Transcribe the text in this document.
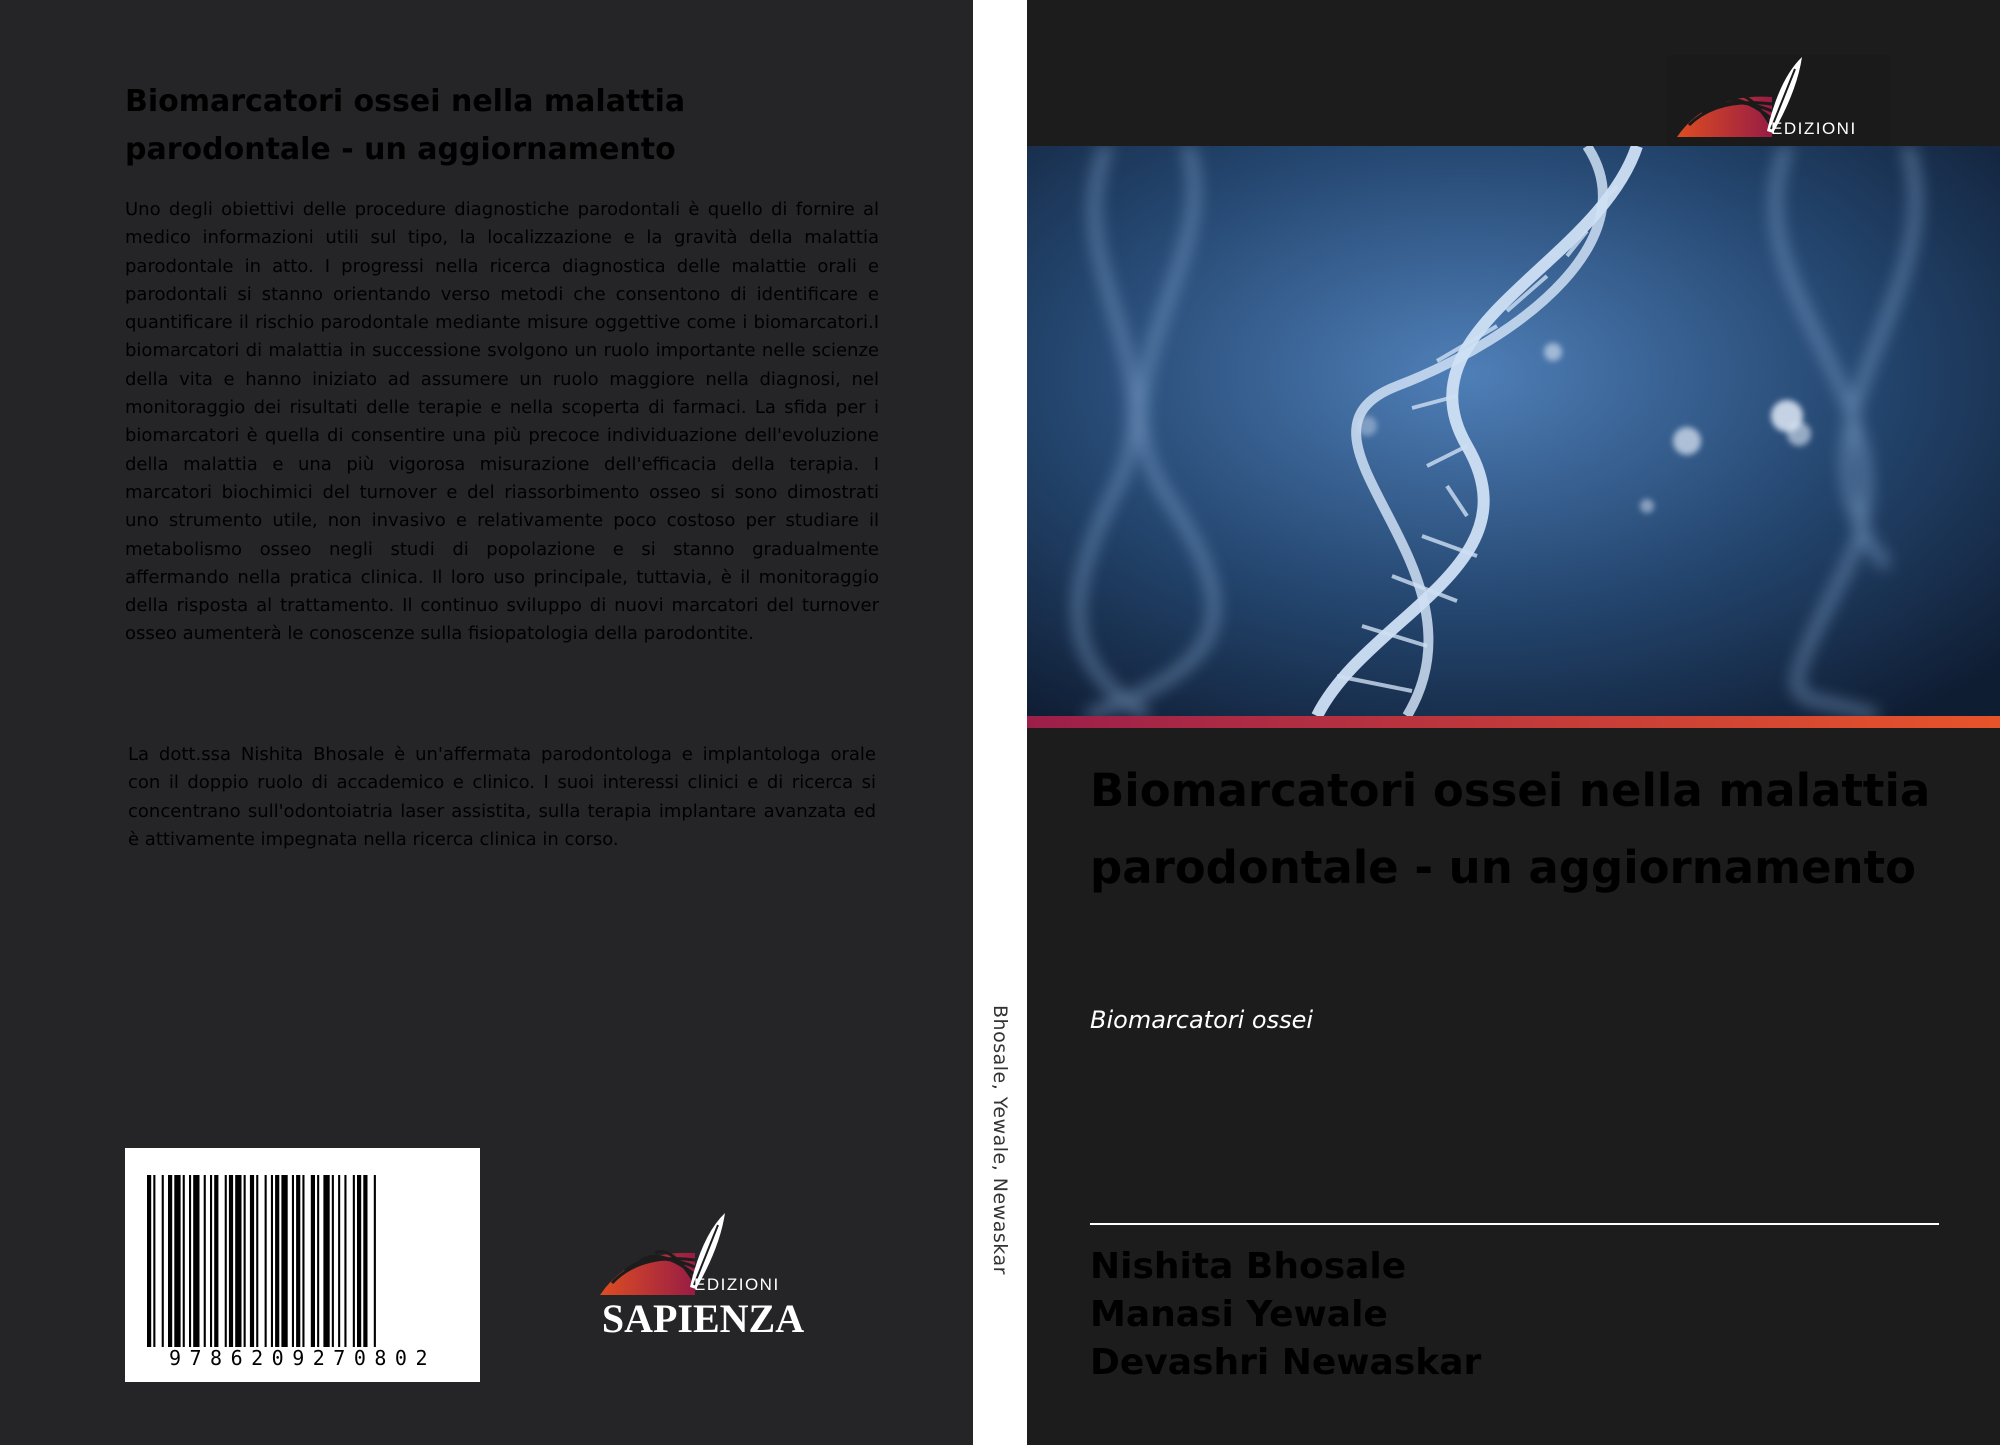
Biomarcatori ossei nella malattia parodontale - un aggiornamento

Uno degli obiettivi delle procedure diagnostiche parodontali è quello di fornire al medico informazioni utili sul tipo, la localizzazione e la gravità della malattia parodontale in atto. I progressi nella ricerca diagnostica delle malattie orali e parodontali si stanno orientando verso metodi che consentono di identificare e quantificare il rischio parodontale mediante misure oggettive come i biomarcatori.I biomarcatori di malattia in successione svolgono un ruolo importante nelle scienze della vita e hanno iniziato ad assumere un ruolo maggiore nella diagnosi, nel monitoraggio dei risultati delle terapie e nella scoperta di farmaci. La sfida per i biomarcatori è quella di consentire una più precoce individuazione dell'evoluzione della malattia e una più vigorosa misurazione dell'efficacia della terapia. I marcatori biochimici del turnover e del riassorbimento osseo si sono dimostrati uno strumento utile, non invasivo e relativamente poco costoso per studiare il metabolismo osseo negli studi di popolazione e si stanno gradualmente affermando nella pratica clinica. Il loro uso principale, tuttavia, è il monitoraggio della risposta al trattamento. Il continuo sviluppo di nuovi marcatori del turnover osseo aumenterà le conoscenze sulla fisiopatologia della parodontite.

La dott.ssa Nishita Bhosale è un'affermata parodontologa e implantologa orale con il doppio ruolo di accademico e clinico. I suoi interessi clinici e di ricerca si concentrano sull'odontoiatria laser assistita, sulla terapia implantare avanzata ed è attivamente impegnata nella ricerca clinica in corso.

9786209270802
EDIZIONI
SAPIENZA
Bhosale, Yewale, Newaskar
EDIZIONI
Biomarcatori ossei nella malattia parodontale - un aggiornamento
Biomarcatori ossei
Nishita Bhosale
Manasi Yewale
Devashri Newaskar
